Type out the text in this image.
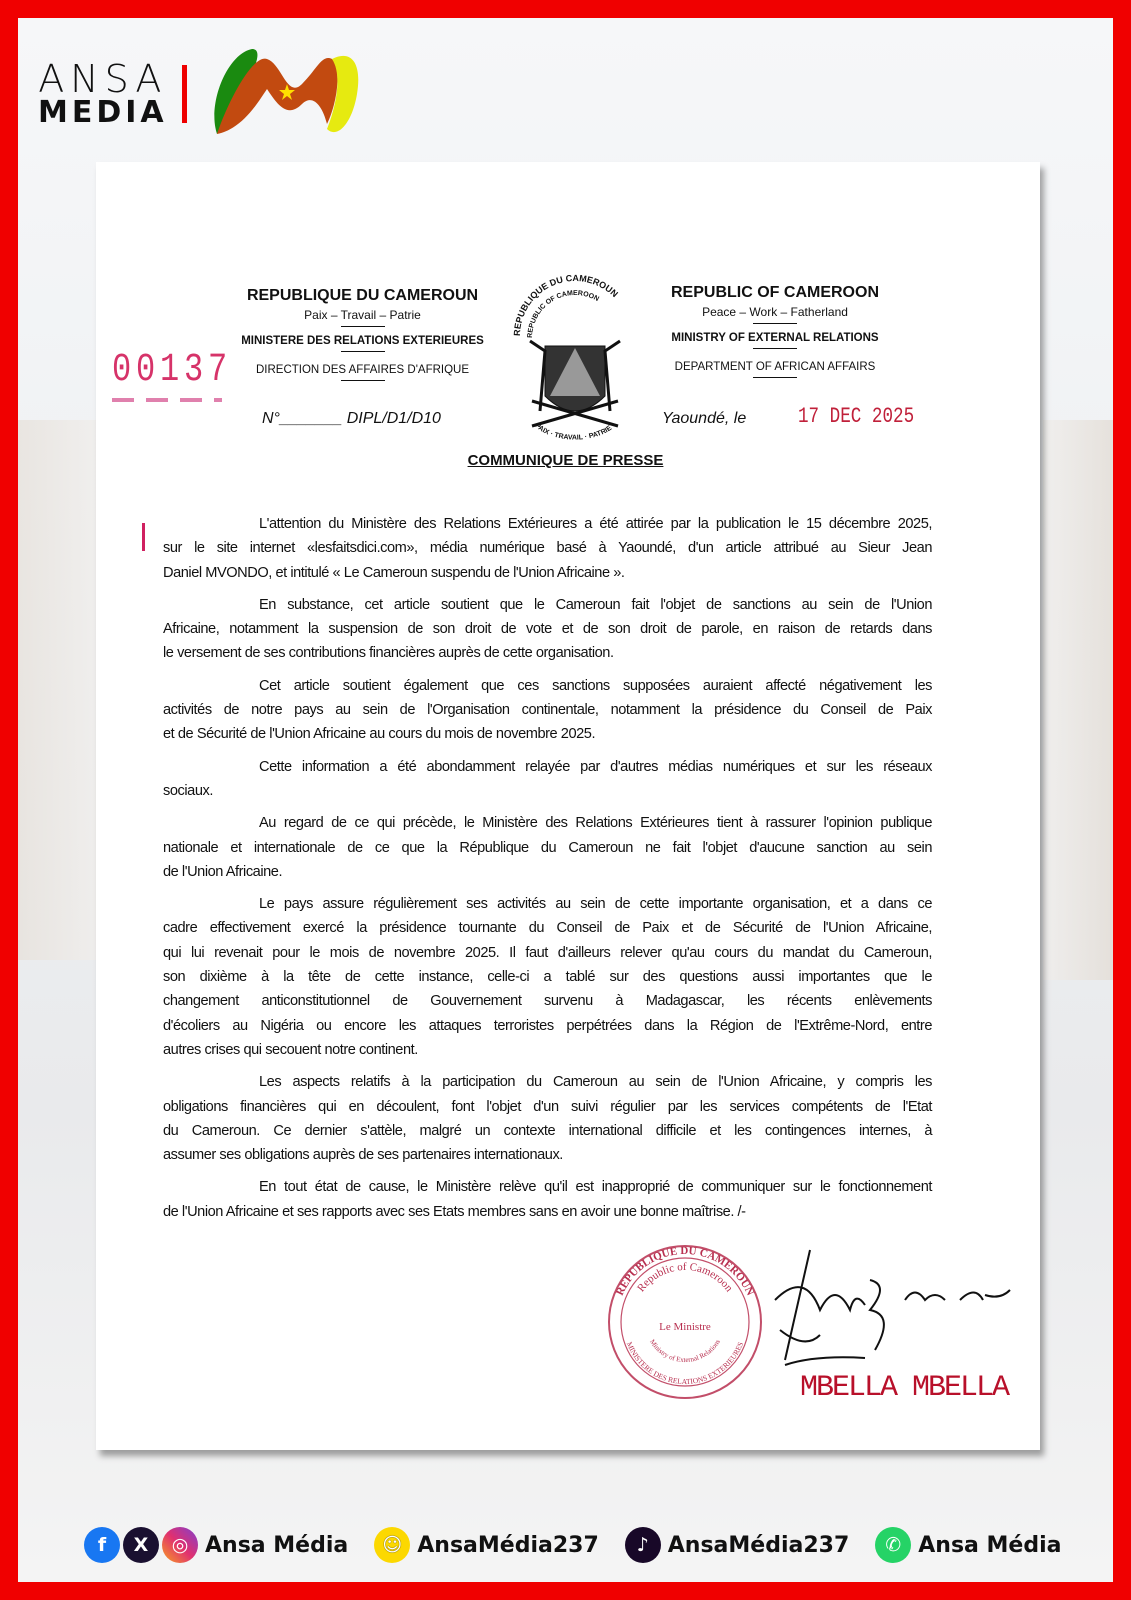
ANSA
MEDIA
REPUBLIQUE DU CAMEROUN
Paix – Travail – Patrie
MINISTERE DES RELATIONS EXTERIEURES
DIRECTION DES AFFAIRES D'AFRIQUE
REPUBLIC OF CAMEROON
Peace – Work – Fatherland
MINISTRY OF EXTERNAL RELATIONS
DEPARTMENT OF AFRICAN AFFAIRS
REPUBLIQUE DU CAMEROUN
REPUBLIC OF CAMEROON
PAIX · TRAVAIL · PATRIE
00137
N°_______ DIPL/D1/D10	Yaoundé, le 17 DEC 2025
COMMUNIQUE DE PRESSE
L'attention du Ministère des Relations Extérieures a été attirée par la publication le 15 décembre 2025,
sur le site internet «lesfaitsdici.com», média numérique basé à Yaoundé, d'un article attribué au Sieur Jean
Daniel MVONDO, et intitulé « Le Cameroun suspendu de l'Union Africaine ».
En substance, cet article soutient que le Cameroun fait l'objet de sanctions au sein de l'Union
Africaine, notamment la suspension de son droit de vote et de son droit de parole, en raison de retards dans
le versement de ses contributions financières auprès de cette organisation.
Cet article soutient également que ces sanctions supposées auraient affecté négativement les
activités de notre pays au sein de l'Organisation continentale, notamment la présidence du Conseil de Paix
et de Sécurité de l'Union Africaine au cours du mois de novembre 2025.
Cette information a été abondamment relayée par d'autres médias numériques et sur les réseaux
sociaux.
Au regard de ce qui précède, le Ministère des Relations Extérieures tient à rassurer l'opinion publique
nationale et internationale de ce que la République du Cameroun ne fait l'objet d'aucune sanction au sein
de l'Union Africaine.
Le pays assure régulièrement ses activités au sein de cette importante organisation, et a dans ce
cadre effectivement exercé la présidence tournante du Conseil de Paix et de Sécurité de l'Union Africaine,
qui lui revenait pour le mois de novembre 2025. Il faut d'ailleurs relever qu'au cours du mandat du Cameroun,
son dixième à la tête de cette instance, celle-ci a tablé sur des questions aussi importantes que le
changement anticonstitutionnel de Gouvernement survenu à Madagascar, les récents enlèvements
d'écoliers au Nigéria ou encore les attaques terroristes perpétrées dans la Région de l'Extrême-Nord, entre
autres crises qui secouent notre continent.
Les aspects relatifs à la participation du Cameroun au sein de l'Union Africaine, y compris les
obligations financières qui en découlent, font l'objet d'un suivi régulier par les services compétents de l'Etat
du Cameroun. Ce dernier s'attèle, malgré un contexte international difficile et les contingences internes, à
assumer ses obligations auprès de ses partenaires internationaux.
En tout état de cause, le Ministère relève qu'il est inapproprié de communiquer sur le fonctionnement
de l'Union Africaine et ses rapports avec ses Etats membres sans en avoir une bonne maîtrise. /-
REPUBLIQUE DU CAMEROUN
Republic of Cameroon
Le Ministre
Ministry of External Relations
MINISTERE DES RELATIONS EXTERIEURES
MBELLA MBELLA
f	X	◎ Ansa Média	☺ AnsaMédia237	♪ AnsaMédia237	✆ Ansa Média
